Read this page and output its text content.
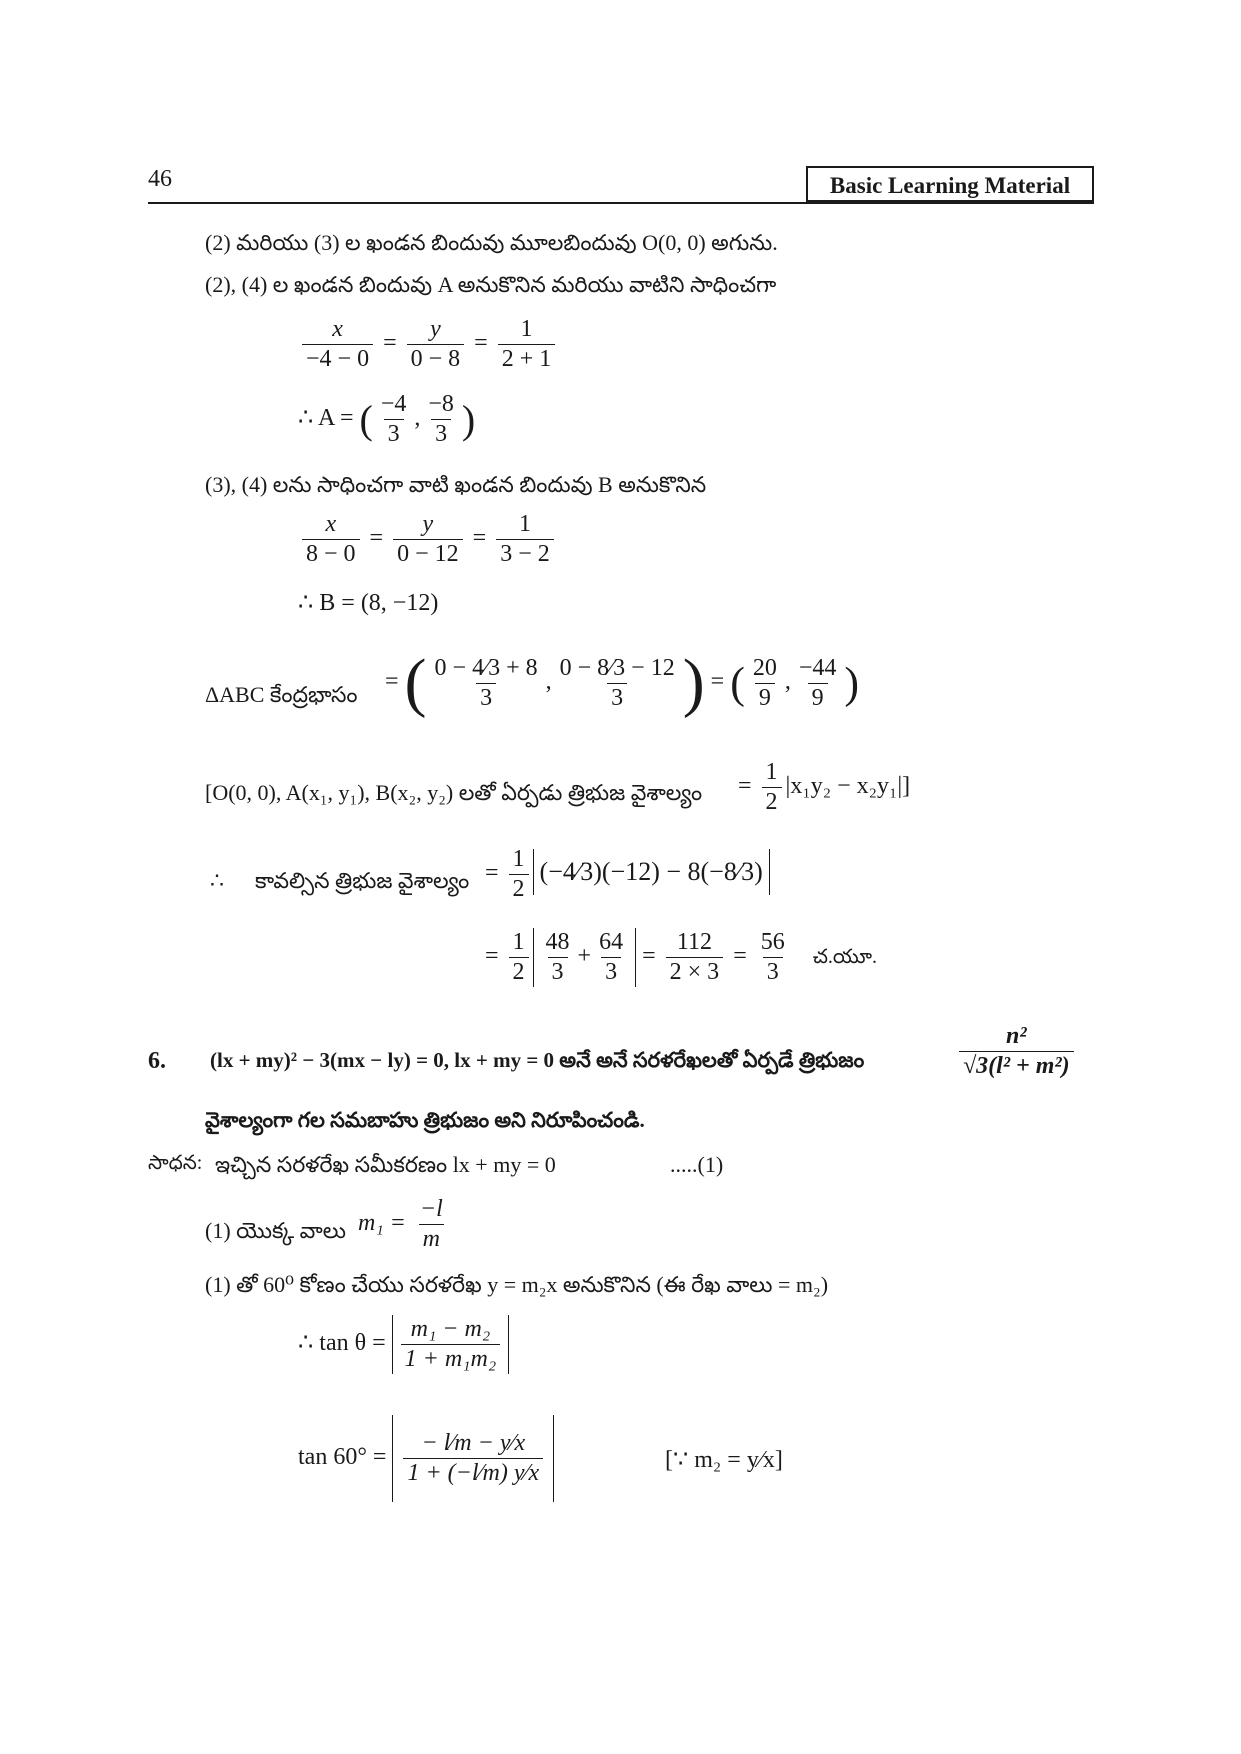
46	Basic Learning Material
(2) మరియు (3) ల ఖండన బిందువు మూలబిందువు O(0, 0) అగును.
(2), (4) ల ఖండన బిందువు A అనుకొనిన మరియు వాటిని సాధించగా
$\frac{x}{-4 - 0} = \frac{y}{0 - 8} = \frac{1}{2 + 1}$
∴ A = ( $\frac{-4}{3}$ , $\frac{-8}{3}$ )
(3), (4) లను సాధించగా వాటి ఖండన బిందువు B అనుకొనిన
$\frac{x}{8 - 0} = \frac{y}{0 - 12} = \frac{1}{3 - 2}$
∴ B = (8, −12)
ΔABC కేంద్రభాసం = ( $\frac{0 - 4⁄3 + 8}{3}$ , $\frac{0 - 8⁄3 - 12}{3}$ ) = ( $\frac{20}{9}$ , $\frac{-44}{9}$ )
[O(0, 0), A(x₁, y₁), B(x₂, y₂) లతో ఏర్పడు త్రిభుజ వైశాల్యం = $\frac{1}{2} |x_1y_2 - x_2y_1|$]
∴ కావల్సిన త్రిభుజ వైశాల్యం = $\frac{1}{2}$ (−4⁄3)(−12) − 8(−8⁄3)
= $\frac{1}{2} \frac{48}{3} + \frac{64}{3} = \frac{112}{2 \times 3} = \frac{56}{3}$ చ.యూ.
6. (lx + my)² − 3(mx − ly) = 0, lx + my = 0 అనే అనే సరళరేఖలతో ఏర్పడే త్రిభుజం	$\frac{\text{n²}}{\text{√3(l² + m²)}}$
వైశాల్యంగా గల సమబాహు త్రిభుజం అని నిరూపించండి.
సాధన: ఇచ్చిన సరళరేఖ సమీకరణం lx + my = 0	.....(1)
(1) యొక్క వాలు $m_1 = \frac{-l}{m}$
(1) తో 60⁰ కోణం చేయు సరళరేఖ y = m₂x అనుకొనిన (ఈ రేఖ వాలు = m₂)
∴ $\tan \theta = \frac{\text{m₁ − m₂}}{\text{1 + m₁m₂}}$
$\tan 60^\circ = \frac{- l⁄m - y⁄x}{1 + (-l⁄m) y⁄x}$	[∵ m₂ = y⁄x]
